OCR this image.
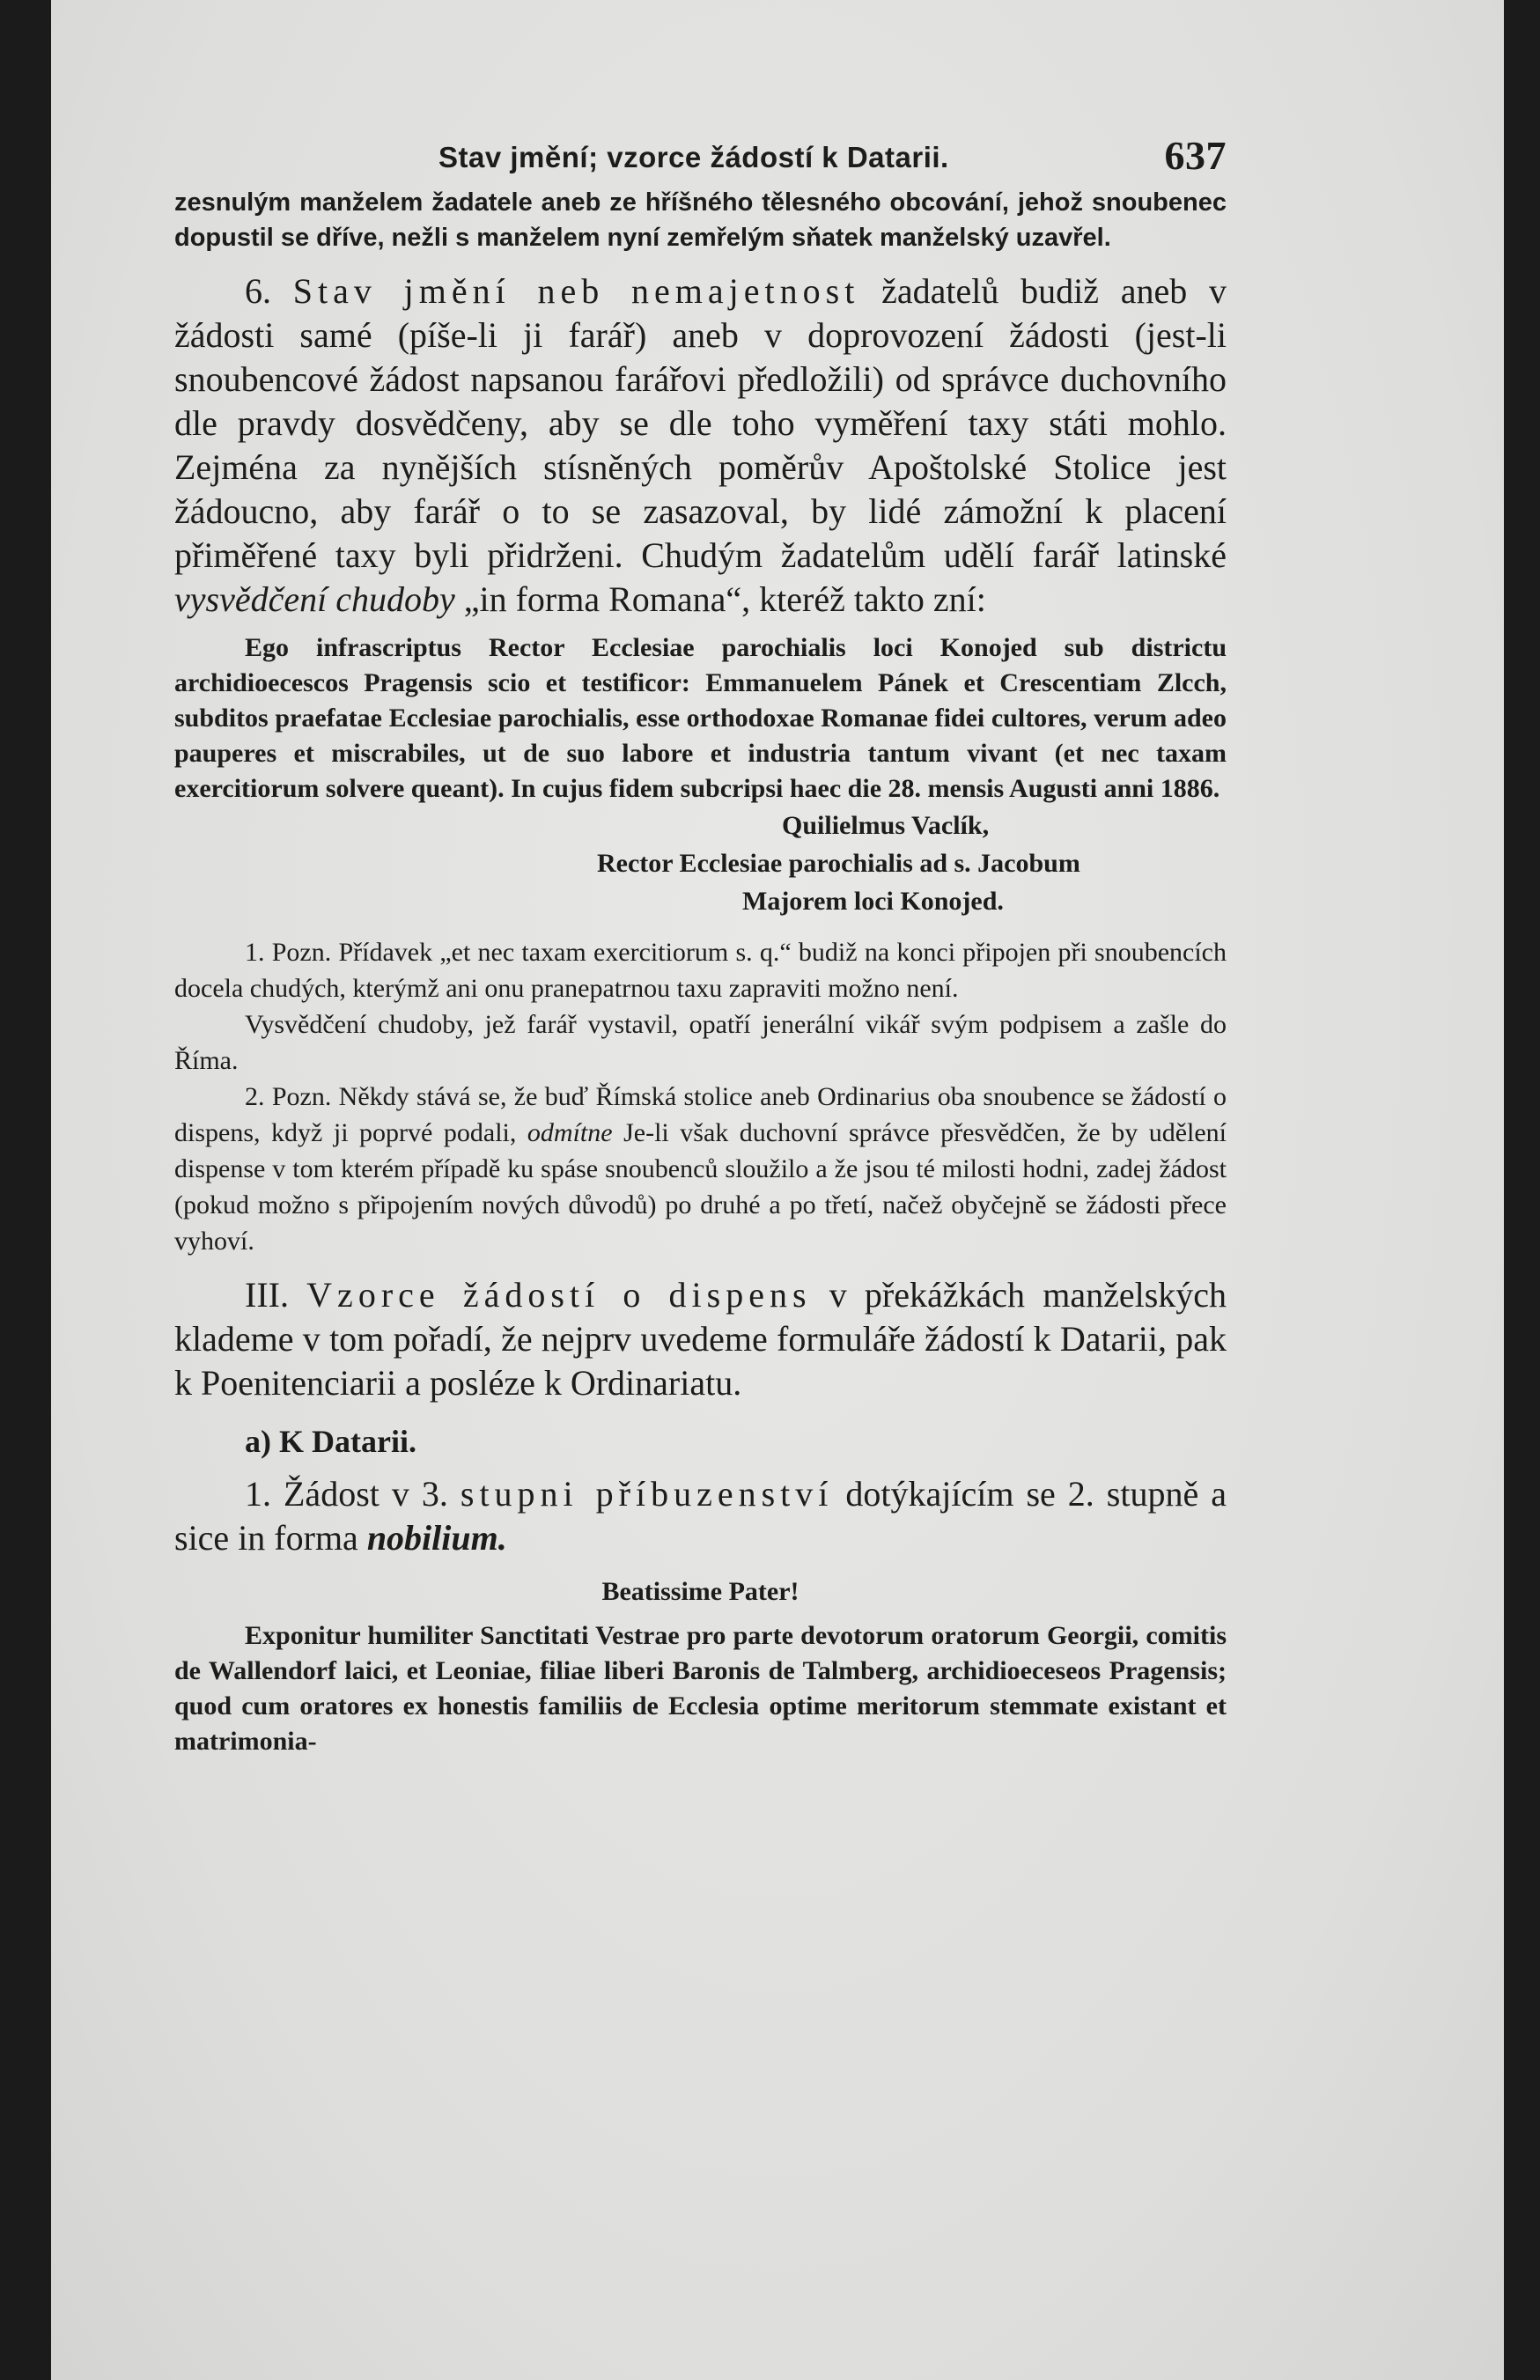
Stav jmění; vzorce žádostí k Datarii.	637

zesnulým manželem žadatele aneb ze hříšného tělesného obcování, jehož snoubenec dopustil se dříve, nežli s manželem nyní zemřelým sňatek manželský uzavřel.

6. Stav jmění neb nemajetnost žadatelů budiž aneb v žádosti samé (píše-li ji farář) aneb v doprovození žádosti (jest-li snoubencové žádost napsanou farářovi předložili) od správce duchovního dle pravdy dosvědčeny, aby se dle toho vyměření taxy státi mohlo. Zejména za nynějších stísněných poměrův Apoštolské Stolice jest žádoucno, aby farář o to se zasazoval, by lidé zámožní k placení přiměřené taxy byli přidrženi. Chudým žadatelům udělí farář latinské vysvědčení chudoby „in forma Romana“, kteréž takto zní:

Ego infrascriptus Rector Ecclesiae parochialis loci Konojed sub districtu archidioecescos Pragensis scio et testificor: Emmanuelem Pánek et Crescentiam Zlcch, subditos praefatae Ecclesiae parochialis, esse orthodoxae Romanae fidei cultores, verum adeo pauperes et miscrabiles, ut de suo labore et industria tantum vivant (et nec taxam exercitiorum solvere queant). In cujus fidem subcripsi haec die 28. mensis Augusti anni 1886.

Quilielmus Vaclík,

Rector Ecclesiae parochialis ad s. Jacobum

Majorem loci Konojed.

1. Pozn. Přídavek „et nec taxam exercitiorum s. q.“ budiž na konci připojen při snoubencích docela chudých, kterýmž ani onu pranepatrnou taxu zapraviti možno není.

Vysvědčení chudoby, jež farář vystavil, opatří jenerální vikář svým podpisem a zašle do Říma.

2. Pozn. Někdy stává se, že buď Římská stolice aneb Ordinarius oba snoubence se žádostí o dispens, když ji poprvé podali, odmítne Je-li však duchovní správce přesvědčen, že by udělení dispense v tom kterém případě ku spáse snoubenců sloužilo a že jsou té milosti hodni, zadej žádost (pokud možno s připojením nových důvodů) po druhé a po třetí, načež obyčejně se žádosti přece vyhoví.

III. Vzorce žádostí o dispens v překážkách manželských klademe v tom pořadí, že nejprv uvedeme formuláře žádostí k Datarii, pak k Poenitenciarii a posléze k Ordinariatu.

a) K Datarii.

1. Žádost v 3. stupni příbuzenství dotýkajícím se 2. stupně a sice in forma nobilium.

Beatissime Pater!

Exponitur humiliter Sanctitati Vestrae pro parte devotorum oratorum Georgii, comitis de Wallendorf laici, et Leoniae, filiae liberi Baronis de Talmberg, archidioeceseos Pragensis; quod cum oratores ex honestis familiis de Ecclesia optime meritorum stemmate existant et matrimonia-
